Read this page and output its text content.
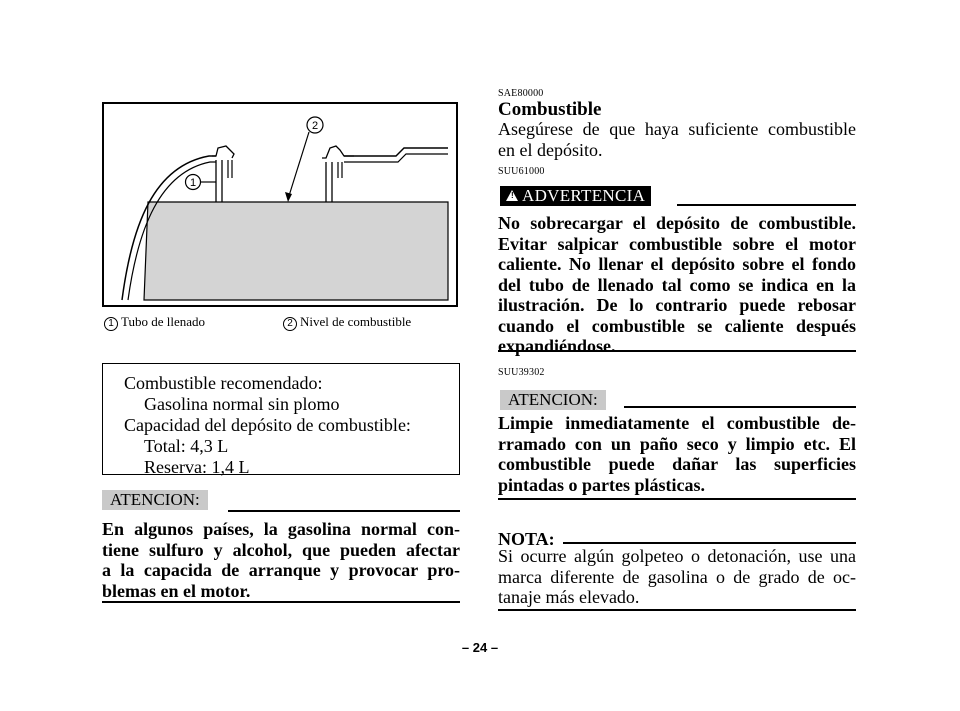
1
2
1 Tubo de llenado	2 Nivel de combustible
Combustible recomendado:
Gasolina normal sin plomo
Capacidad del depósito de combustible:
Total: 4,3 L
Reserva: 1,4 L
ATENCION:
En algunos países, la gasolina normal con-
tiene sulfuro y alcohol, que pueden afectar
a la capacida de arranque y provocar pro-
blemas en el motor.
SAE80000
Combustible
Asegúrese de que haya suficiente combustible
en el depósito.
SUU61000
! ADVERTENCIA
No sobrecargar el depósito de combustible.
Evitar salpicar combustible sobre el motor
caliente. No llenar el depósito sobre el fondo
del tubo de llenado tal como se indica en la
ilustración. De lo contrario puede rebosar
cuando el combustible se caliente después
expandiéndose.
SUU39302
ATENCION:
Limpie inmediatamente el combustible de-
rramado con un paño seco y limpio etc. El
combustible puede dañar las superficies
pintadas o partes plásticas.
NOTA:
Si ocurre algún golpeteo o detonación, use una
marca diferente de gasolina o de grado de oc-
tanaje más elevado.
– 24 –
